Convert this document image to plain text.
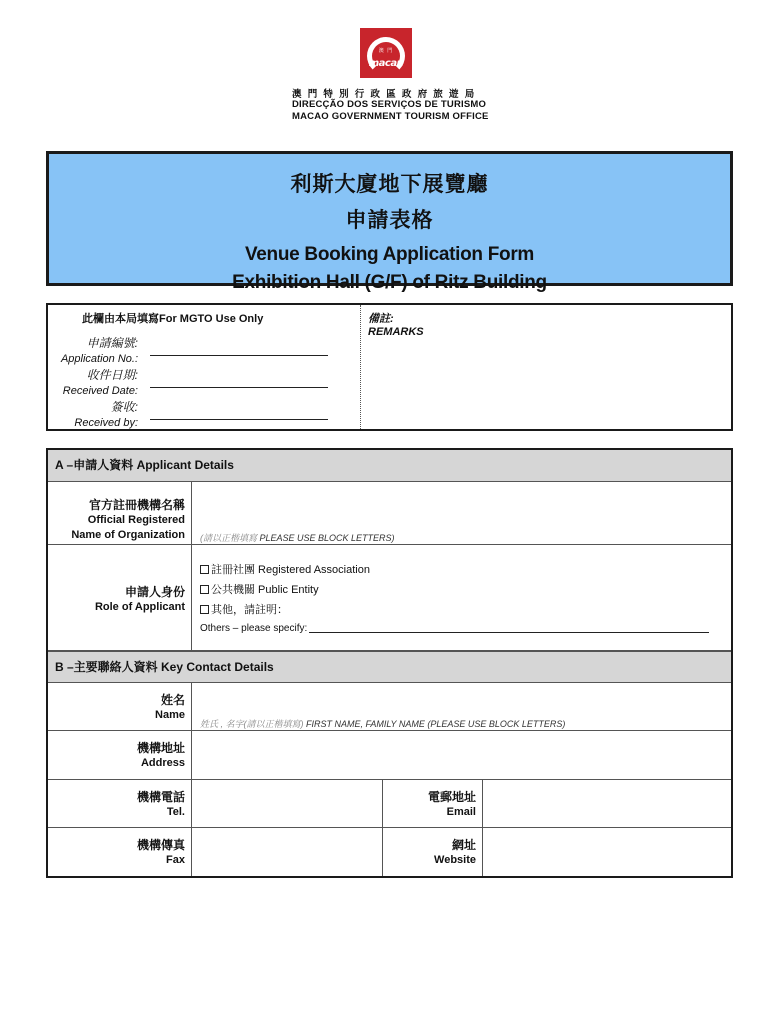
澳 門
macau
澳門特別行政區政府旅遊局
DIRECÇÃO DOS SERVIÇOS DE TURISMO
MACAO GOVERNMENT TOURISM OFFICE
利斯大廈地下展覽廳
申請表格
Venue Booking Application Form
Exhibition Hall (G/F) of Ritz Building
此欄由本局填寫For MGTO Use Only
申請編號:
Application No.:
收件日期:
Received Date:
簽收:
Received by:
備註:
REMARKS
A –申請人資料 Applicant Details
官方註冊機構名稱
Official Registered
Name of Organization (請以正楷填寫 PLEASE USE BLOCK LETTERS)
申請人身份
Role of Applicant
註冊社團 Registered Association
公共機關 Public Entity
其他，請註明：
Others – please specify:
B –主要聯絡人資料 Key Contact Details
姓名
Name
姓氏 , 名字(請以正楷填寫) FIRST NAME, FAMILY NAME (PLEASE USE BLOCK LETTERS)
機構地址
Address
機構電話
Tel.
電郵地址
Email
機構傳真
Fax
網址
Website
